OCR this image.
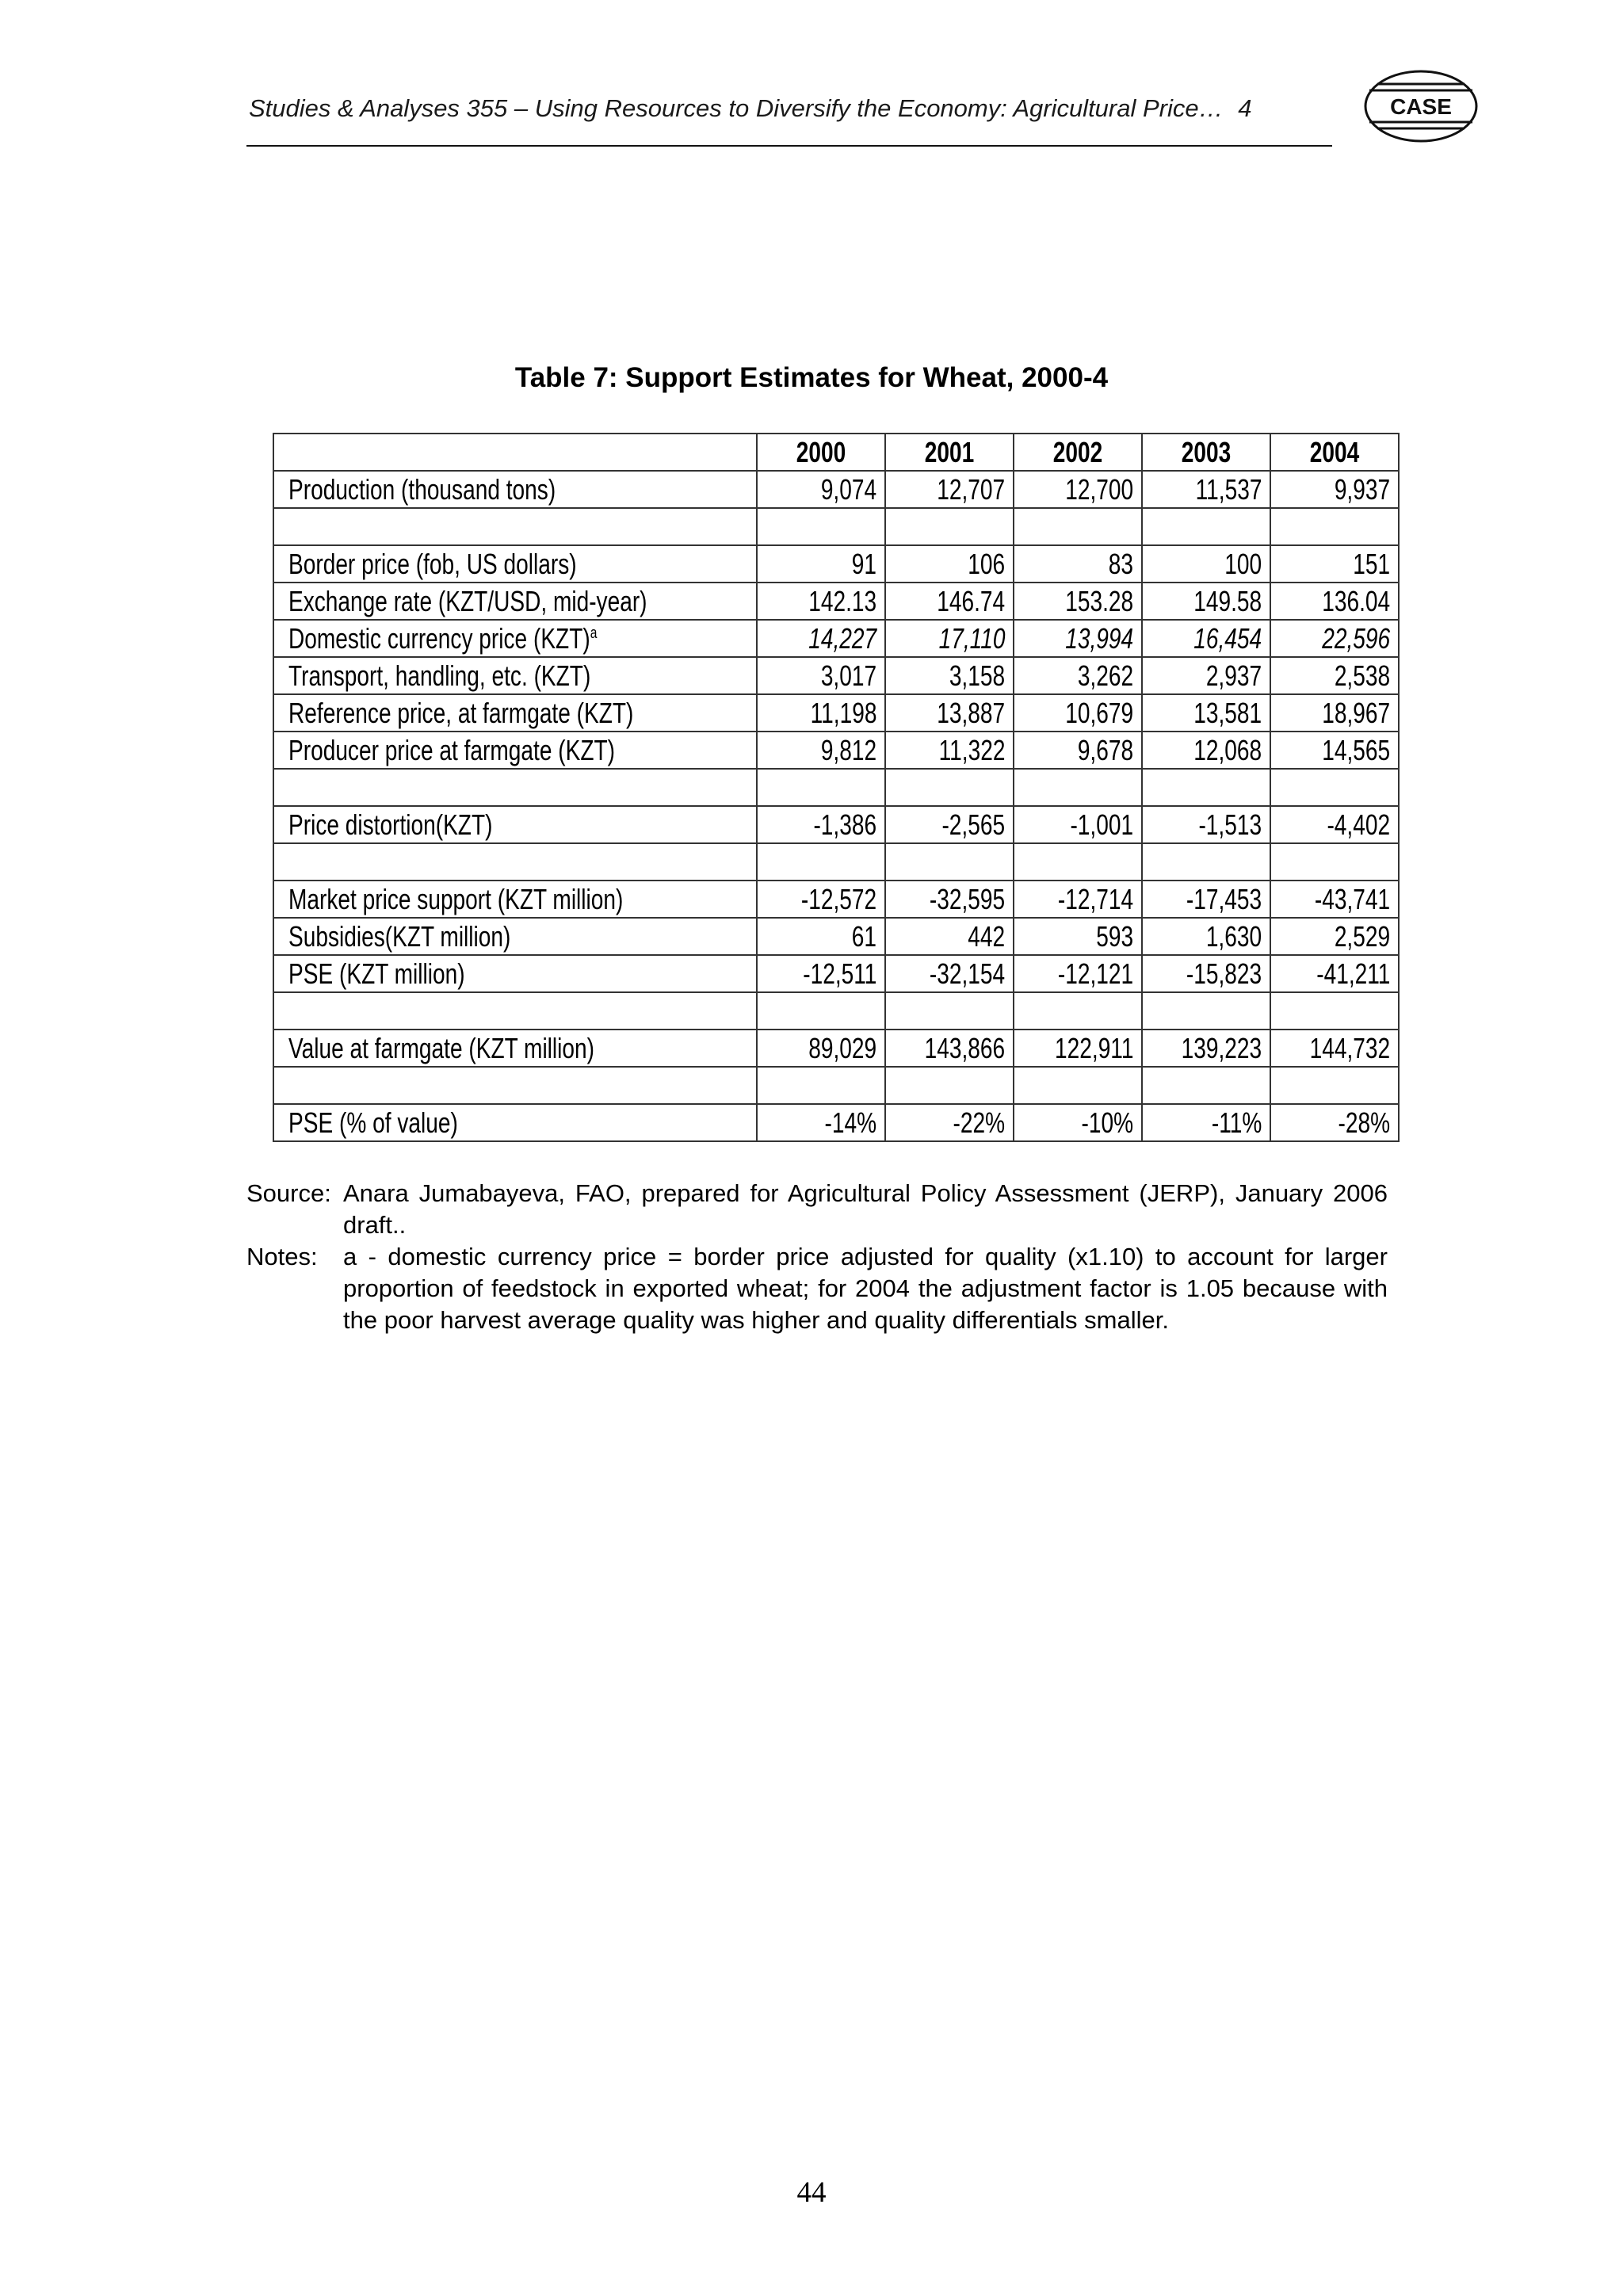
Studies & Analyses 355 – Using Resources to Diversify the Economy: Agricultural Price… 4	CASE
Table 7: Support Estimates for Wheat, 2000-4
	2000	2001	2002	2003	2004
Production (thousand tons)	9,074	12,707	12,700	11,537	9,937

Border price (fob, US dollars)	91	106	83	100	151
Exchange rate (KZT/USD, mid-year)	142.13	146.74	153.28	149.58	136.04
Domestic currency price (KZT)$^a$	14,227	17,110	13,994	16,454	22,596
Transport, handling, etc. (KZT)	3,017	3,158	3,262	2,937	2,538
Reference price, at farmgate (KZT)	11,198	13,887	10,679	13,581	18,967
Producer price at farmgate (KZT)	9,812	11,322	9,678	12,068	14,565

Price distortion(KZT)	-1,386	-2,565	-1,001	-1,513	-4,402

Market price support (KZT million)	-12,572	-32,595	-12,714	-17,453	-43,741
Subsidies(KZT million)	61	442	593	1,630	2,529
PSE (KZT million)	-12,511	-32,154	-12,121	-15,823	-41,211

Value at farmgate (KZT million)	89,029	143,866	122,911	139,223	144,732

PSE (% of value)	-14%	-22%	-10%	-11%	-28%
Source: Anara Jumabayeva, FAO, prepared for Agricultural Policy Assessment (JERP), January 2006 draft..
Notes:	a - domestic currency price = border price adjusted for quality (x1.10) to account for larger proportion of feedstock in exported wheat; for 2004 the adjustment factor is 1.05 because with the poor harvest average quality was higher and quality differentials smaller.
44
